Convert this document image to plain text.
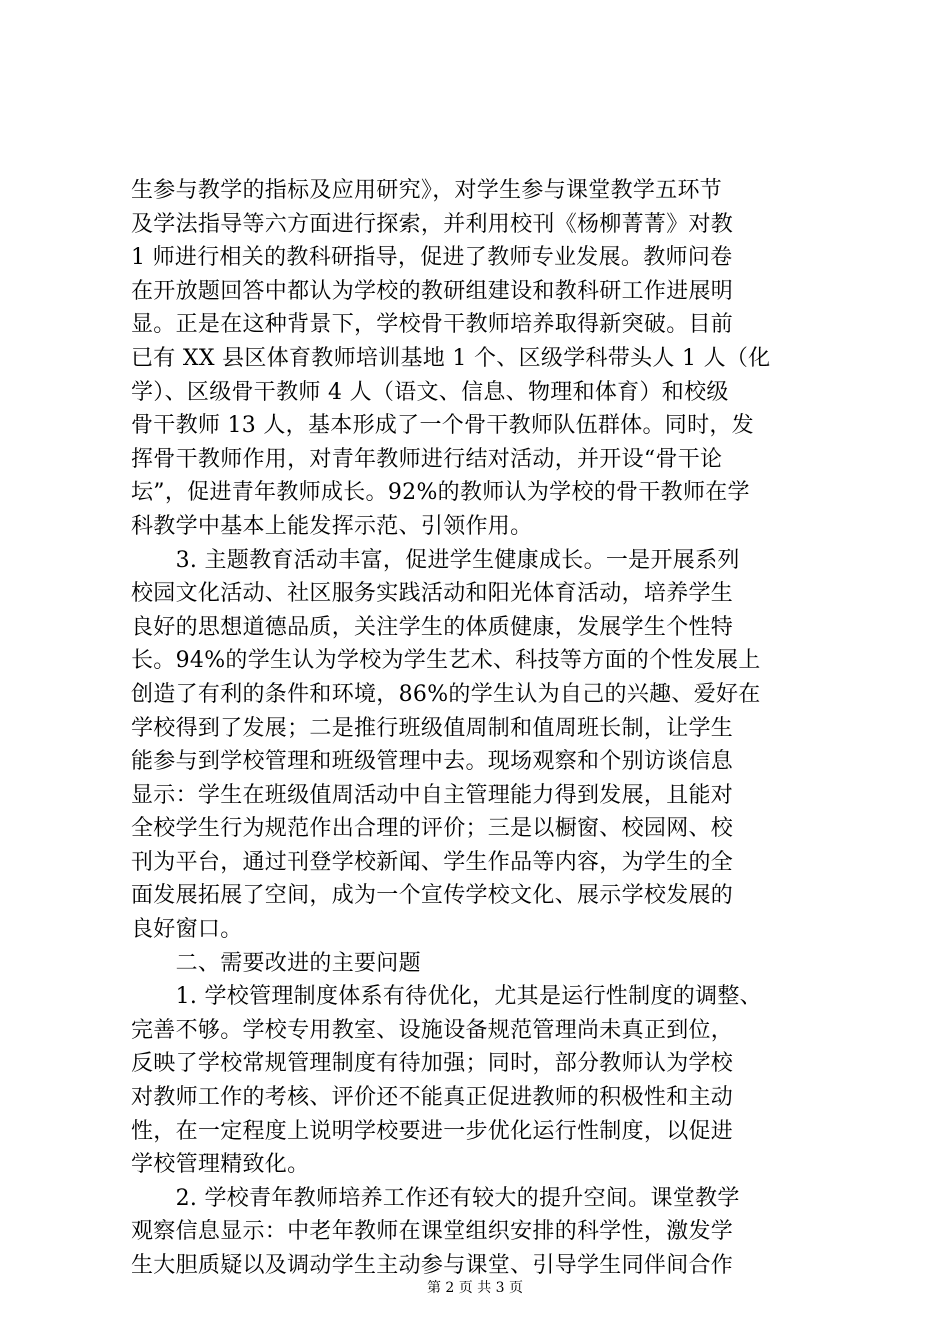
生参与教学的指标及应用研究》，对学生参与课堂教学五环节
及学法指导等六方面进行探索，并利用校刊《杨柳菁菁》对教
1 师进行相关的教科研指导，促进了教师专业发展。教师问卷
在开放题回答中都认为学校的教研组建设和教科研工作进展明
显。正是在这种背景下，学校骨干教师培养取得新突破。目前
已有 XX 县区体育教师培训基地 1 个、区级学科带头人 1 人（化
学）、区级骨干教师 4 人（语文、信息、物理和体育）和校级
骨干教师 13 人，基本形成了一个骨干教师队伍群体。同时，发
挥骨干教师作用，对青年教师进行结对活动，并开设“骨干论
坛”，促进青年教师成长。92%的教师认为学校的骨干教师在学
科教学中基本上能发挥示范、引领作用。
　　3. 主题教育活动丰富，促进学生健康成长。一是开展系列
校园文化活动、社区服务实践活动和阳光体育活动，培养学生
良好的思想道德品质，关注学生的体质健康，发展学生个性特
长。94%的学生认为学校为学生艺术、科技等方面的个性发展上
创造了有利的条件和环境，86%的学生认为自己的兴趣、爱好在
学校得到了发展；二是推行班级值周制和值周班长制，让学生
能参与到学校管理和班级管理中去。现场观察和个别访谈信息
显示：学生在班级值周活动中自主管理能力得到发展，且能对
全校学生行为规范作出合理的评价；三是以橱窗、校园网、校
刊为平台，通过刊登学校新闻、学生作品等内容，为学生的全
面发展拓展了空间，成为一个宣传学校文化、展示学校发展的
良好窗口。
　　二、需要改进的主要问题
　　1. 学校管理制度体系有待优化，尤其是运行性制度的调整、
完善不够。学校专用教室、设施设备规范管理尚未真正到位，
反映了学校常规管理制度有待加强；同时，部分教师认为学校
对教师工作的考核、评价还不能真正促进教师的积极性和主动
性，在一定程度上说明学校要进一步优化运行性制度，以促进
学校管理精致化。
　　2. 学校青年教师培养工作还有较大的提升空间。课堂教学
观察信息显示：中老年教师在课堂组织安排的科学性，激发学
生大胆质疑以及调动学生主动参与课堂、引导学生同伴间合作
第 2 页 共 3 页
